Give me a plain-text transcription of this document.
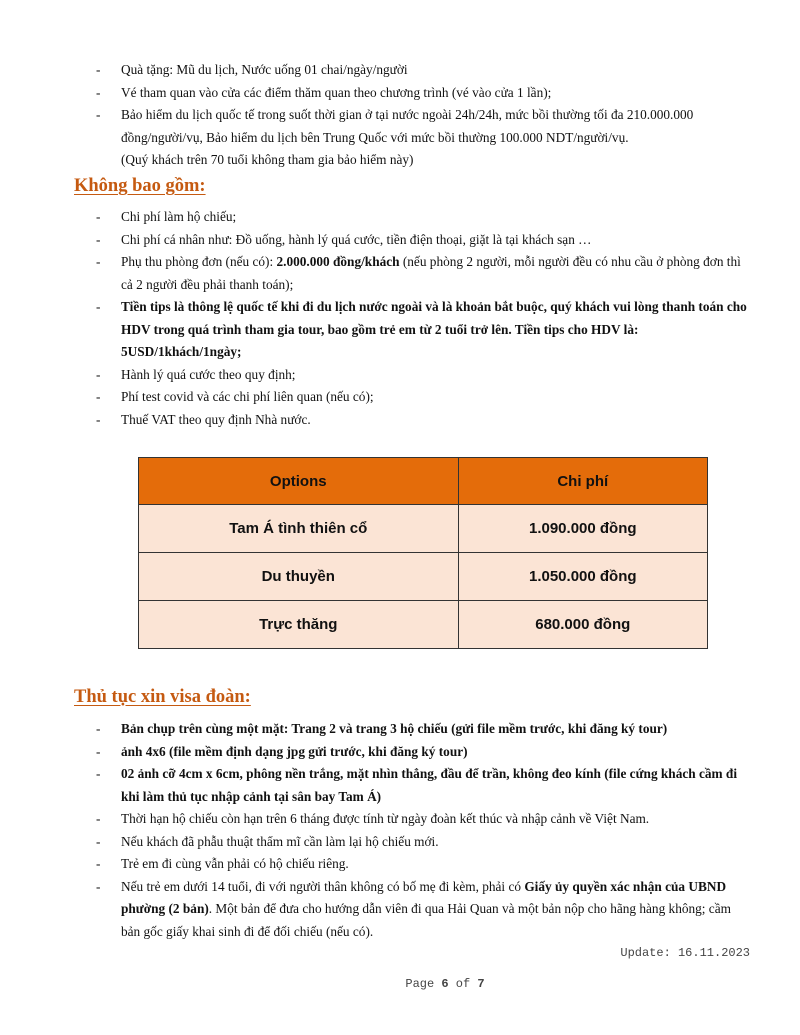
- Quà tặng: Mũ du lịch, Nước uống 01 chai/ngày/người
- Vé tham quan vào cửa các điểm thăm quan theo chương trình (vé vào cửa 1 lần);
- Bảo hiểm du lịch quốc tế trong suốt thời gian ở tại nước ngoài 24h/24h, mức bồi thường tối đa 210.000.000 đồng/người/vụ, Bảo hiểm du lịch bên Trung Quốc với mức bồi thường 100.000 NDT/người/vụ.
(Quý khách trên 70 tuổi không tham gia bảo hiểm này)
Không bao gồm:
- Chi phí làm hộ chiếu;
- Chi phí cá nhân như: Đồ uống, hành lý quá cước, tiền điện thoại, giặt là tại khách sạn …
- Phụ thu phòng đơn (nếu có): 2.000.000 đồng/khách (nếu phòng 2 người, mỗi người đều có nhu cầu ở phòng đơn thì cả 2 người đều phải thanh toán);
- Tiền tips là thông lệ quốc tế khi đi du lịch nước ngoài và là khoản bắt buộc, quý khách vui lòng thanh toán cho HDV trong quá trình tham gia tour, bao gồm trẻ em từ 2 tuổi trở lên. Tiền tips cho HDV là: 5USD/1khách/1ngày;
- Hành lý quá cước theo quy định;
- Phí test covid và các chi phí liên quan (nếu có);
- Thuế VAT theo quy định Nhà nước.
Options	Chi phí
Tam Á tình thiên cổ	1.090.000 đồng
Du thuyền	1.050.000 đồng
Trực thăng	680.000 đồng
Thủ tục xin visa đoàn:
- Bản chụp trên cùng một mặt: Trang 2 và trang 3 hộ chiếu (gửi file mềm trước, khi đăng ký tour)
- ảnh 4x6 (file mềm định dạng jpg gửi trước, khi đăng ký tour)
- 02 ảnh cỡ 4cm x 6cm, phông nền trắng, mặt nhìn thẳng, đầu để trần, không đeo kính (file cứng khách cầm đi khi làm thủ tục nhập cảnh tại sân bay Tam Á)
- Thời hạn hộ chiếu còn hạn trên 6 tháng được tính từ ngày đoàn kết thúc và nhập cảnh về Việt Nam.
- Nếu khách đã phẫu thuật thẩm mĩ cần làm lại hộ chiếu mới.
- Trẻ em đi cùng vẫn phải có hộ chiếu riêng.
- Nếu trẻ em dưới 14 tuổi, đi với người thân không có bố mẹ đi kèm, phải có Giấy ủy quyền xác nhận của UBND phường (2 bản). Một bản để đưa cho hướng dẫn viên đi qua Hải Quan và một bản nộp cho hãng hàng không; cầm bản gốc giấy khai sinh đi để đối chiếu (nếu có).
Update: 16.11.2023
Page 6 of 7
